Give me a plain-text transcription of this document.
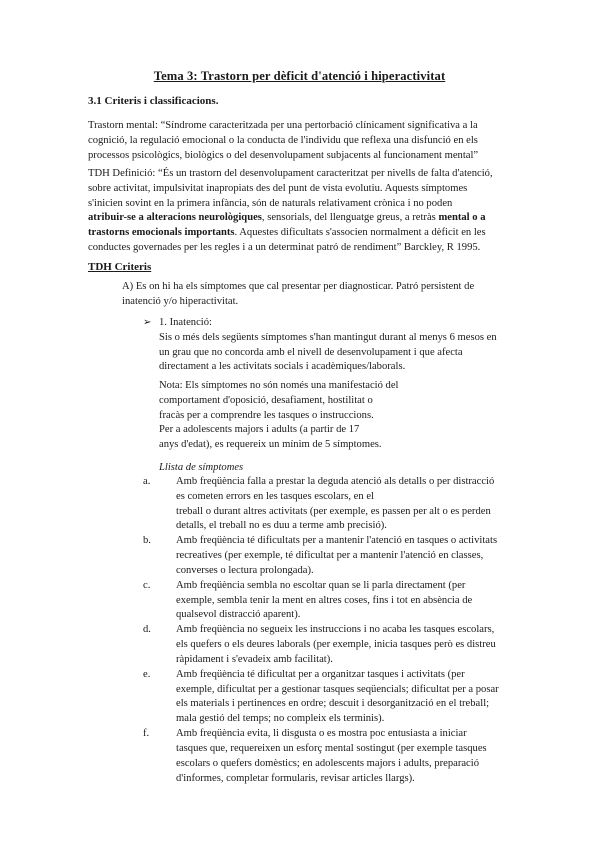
Tema 3: Trastorn per dèficit d'atenció i hiperactivitat
3.1 Criteris i classificacions.
Trastorn mental: “Síndrome caracteritzada per una pertorbació clínicament significativa a la
cognició, la regulació emocional o la conducta de l'individu que reflexa una disfunció en els
processos psicològics, biològics o del desenvolupament subjacents al funcionament mental”
TDH Definició: “És un trastorn del desenvolupament caracteritzat per nivells de falta d'atenció,
sobre activitat, impulsivitat inapropiats des del punt de vista evolutiu. Aquests símptomes
s'inicien sovint en la primera infància, són de naturals relativament crònica i no poden
atribuir-se a alteracions neurològiques, sensorials, del llenguatge greus, a retràs mental o a
trastorns emocionals importants. Aquestes dificultats s'associen normalment a dèficit en les
conductes governades per les regles i a un determinat patró de rendiment” Barckley, R 1995.
TDH Criteris
A) Es on hi ha els símptomes que cal presentar per diagnosticar. Patró persistent de
inatenció y/o hiperactivitat.
➢ 1. Inatenció:
Sis o més dels següents símptomes s'han mantingut durant al menys 6 mesos en
un grau que no concorda amb el nivell de desenvolupament i que afecta
directament a les activitats socials i acadèmiques/laborals.
Nota: Els símptomes no són només una manifestació del
comportament d'oposició, desafiament, hostilitat o
fracàs per a comprendre les tasques o instruccions.
Per a adolescents majors i adults (a partir de 17
anys d'edat), es requereix un mínim de 5 símptomes.
Llista de símptomes
a. Amb freqüència falla a prestar la deguda atenció als detalls o per distracció
es cometen errors en les tasques escolars, en el
treball o durant altres activitats (per exemple, es passen per alt o es perden
detalls, el treball no es duu a terme amb precisió).
b. Amb freqüència té dificultats per a mantenir l'atenció en tasques o activitats
recreatives (per exemple, té dificultat per a mantenir l'atenció en classes,
converses o lectura prolongada).
c. Amb freqüència sembla no escoltar quan se li parla directament (per
exemple, sembla tenir la ment en altres coses, fins i tot en absència de
qualsevol distracció aparent).
d. Amb freqüència no segueix les instruccions i no acaba les tasques escolars,
els quefers o els deures laborals (per exemple, inicia tasques però es distreu
ràpidament i s'evadeix amb facilitat).
e. Amb freqüència té dificultat per a organitzar tasques i activitats (per
exemple, dificultat per a gestionar tasques seqüencials; dificultat per a posar
els materials i pertinences en ordre; descuit i desorganització en el treball;
mala gestió del temps; no compleix els terminis).
f.	Amb freqüència evita, li disgusta o es mostra poc entusiasta a iniciar
tasques que, requereixen un esforç mental sostingut (per exemple tasques
escolars o quefers domèstics; en adolescents majors i adults, preparació
d'informes, completar formularis, revisar articles llargs).
